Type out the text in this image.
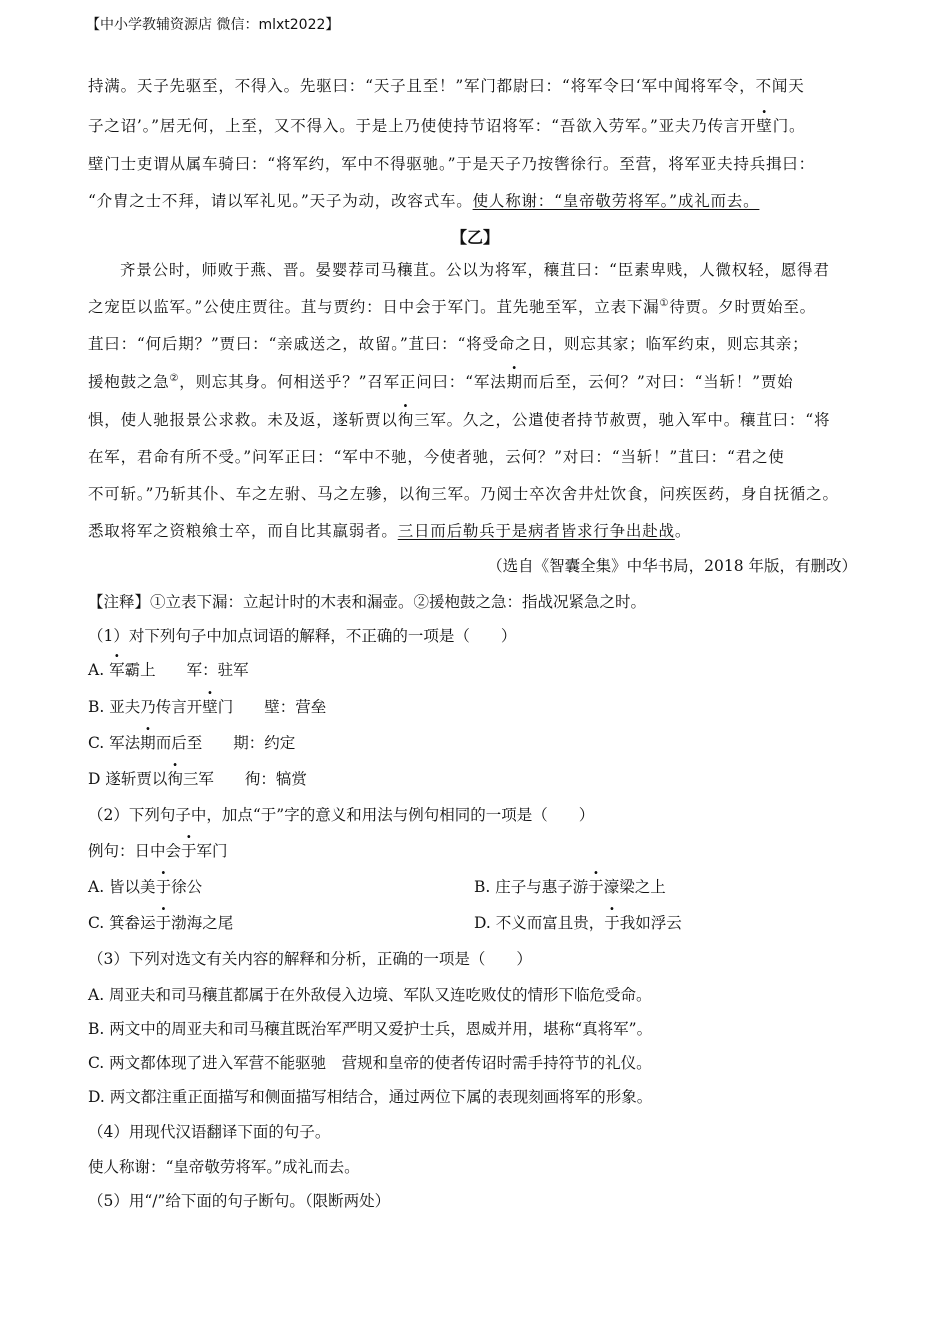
【中小学教辅资源店 微信：mlxt2022】
持满。天子先驱至，不得入。先驱曰：“天子且至！”军门都尉曰：“将军令曰‘军中闻将军令，不闻天
子之诏’。”居无何，上至，又不得入。于是上乃使使持节诏将军：“吾欲入劳军。”亚夫乃传言开壁门。
壁门士吏谓从属车骑曰：“将军约，军中不得驱驰。”于是天子乃按辔徐行。至营，将军亚夫持兵揖曰：
“介胄之士不拜，请以军礼见。”天子为动，改容式车。使人称谢：“皇帝敬劳将军。”成礼而去。
【乙】
齐景公时，师败于燕、晋。晏婴荐司马穰苴。公以为将军，穰苴曰：“臣素卑贱，人微权轻，愿得君
之宠臣以监军。”公使庄贾往。苴与贾约：日中会于军门。苴先驰至军，立表下漏①待贾。夕时贾始至。
苴曰：“何后期？”贾曰：“亲戚送之，故留。”苴曰：“将受命之日，则忘其家；临军约束，则忘其亲；
援枹鼓之急②，则忘其身。何相送乎？”召军正问曰：“军法期而后至，云何？”对曰：“当斩！”贾始
惧，使人驰报景公求救。未及返，遂斩贾以徇三军。久之，公遣使者持节赦贾，驰入军中。穰苴曰：“将
在军，君命有所不受。”问军正曰：“军中不驰，今使者驰，云何？”对曰：“当斩！”苴曰：“君之使
不可斩。”乃斩其仆、车之左驸、马之左骖，以徇三军。乃阅士卒次舍井灶饮食，问疾医药，身自抚循之。
悉取将军之资粮飨士卒，而自比其羸弱者。三日而后勒兵于是病者皆求行争出赴战。
（选自《智囊全集》中华书局，2018 年版，有删改）
【注释】①立表下漏：立起计时的木表和漏壶。②援枹鼓之急：指战况紧急之时。
（1）对下列句子中加点词语的解释，不正确的一项是（　　）
A. 军霸上　　军：驻军
B. 亚夫乃传言开壁门　　壁：营垒
C. 军法期而后至　　期：约定
D 遂斩贾以徇三军　　徇：犒赏
（2）下列句子中，加点“于”字的意义和用法与例句相同的一项是（　　）
例句：日中会于军门
A. 皆以美于徐公	B. 庄子与惠子游于濠梁之上
C. 箕畚运于渤海之尾	D. 不义而富且贵，于我如浮云
（3）下列对选文有关内容的解释和分析，正确的一项是（　　）
A. 周亚夫和司马穰苴都属于在外敌侵入边境、军队又连吃败仗的情形下临危受命。
B. 两文中的周亚夫和司马穰苴既治军严明又爱护士兵，恩威并用，堪称“真将军”。
C. 两文都体现了进入军营不能驱驰　营规和皇帝的使者传诏时需手持符节的礼仪。
D. 两文都注重正面描写和侧面描写相结合，通过两位下属的表现刻画将军的形象。
（4）用现代汉语翻译下面的句子。
使人称谢：“皇帝敬劳将军。”成礼而去。
（5）用“/”给下面的句子断句。（限断两处）
